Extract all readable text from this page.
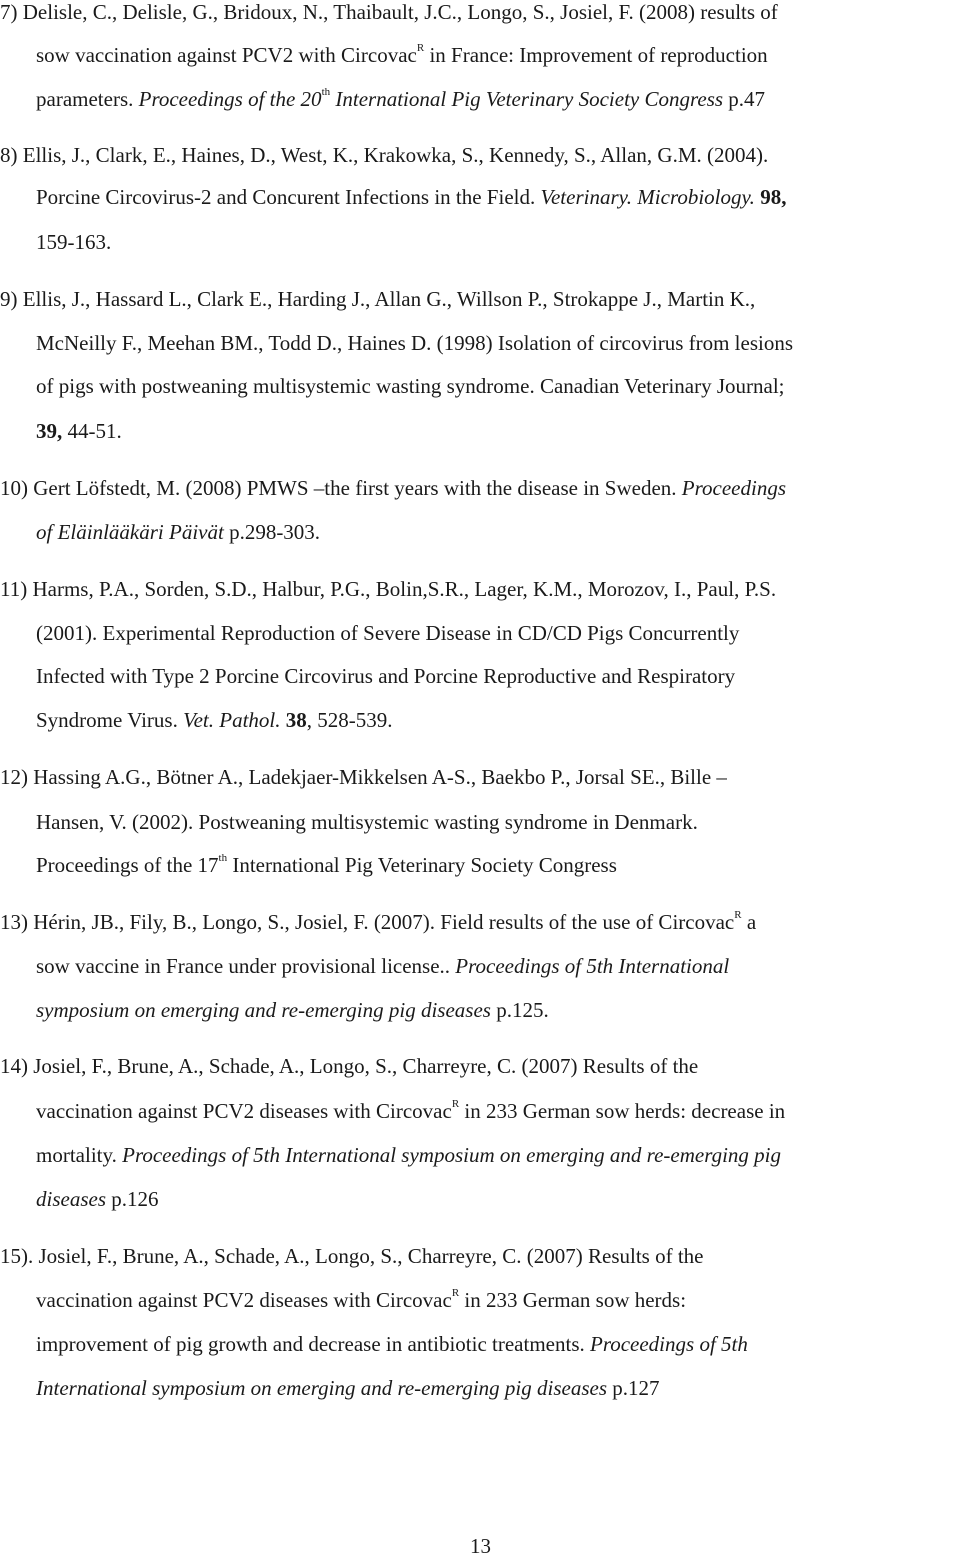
7) Delisle, C., Delisle, G., Bridoux, N., Thaibault, J.C., Longo, S., Josiel, F. (2008) results of
sow vaccination against PCV2 with Circovac$^R$ in France: Improvement of reproduction
parameters. Proceedings of the 20th International Pig Veterinary Society Congress p.47
8) Ellis, J., Clark, E., Haines, D., West, K., Krakowka, S., Kennedy, S., Allan, G.M. (2004).
Porcine Circovirus-2 and Concurent Infections in the Field. Veterinary. Microbiology. 98,
159-163.
9) Ellis, J., Hassard L., Clark E., Harding J., Allan G., Willson P., Strokappe J., Martin K.,
McNeilly F., Meehan BM., Todd D., Haines D. (1998) Isolation of circovirus from lesions
of pigs with postweaning multisystemic wasting syndrome. Canadian Veterinary Journal;
39, 44-51.
10) Gert Löfstedt, M. (2008) PMWS –the first years with the disease in Sweden. Proceedings
of Eläinlääkäri Päivät p.298-303.
11) Harms, P.A., Sorden, S.D., Halbur, P.G., Bolin,S.R., Lager, K.M., Morozov, I., Paul, P.S.
(2001). Experimental Reproduction of Severe Disease in CD/CD Pigs Concurrently
Infected with Type 2 Porcine Circovirus and Porcine Reproductive and Respiratory
Syndrome Virus. Vet. Pathol. 38, 528-539.
12) Hassing A.G., Bötner A., Ladekjaer-Mikkelsen A-S., Baekbo P., Jorsal SE., Bille –
Hansen, V. (2002). Postweaning multisystemic wasting syndrome in Denmark.
Proceedings of the 17th International Pig Veterinary Society Congress
13) Hérin, JB., Fily, B., Longo, S., Josiel, F. (2007). Field results of the use of Circovac$^R$ a
sow vaccine in France under provisional license.. Proceedings of 5th International
symposium on emerging and re-emerging pig diseases p.125.
14) Josiel, F., Brune, A., Schade, A., Longo, S., Charreyre, C. (2007) Results of the
vaccination against PCV2 diseases with Circovac$^R$ in 233 German sow herds: decrease in
mortality. Proceedings of 5th International symposium on emerging and re-emerging pig
diseases p.126
15). Josiel, F., Brune, A., Schade, A., Longo, S., Charreyre, C. (2007) Results of the
vaccination against PCV2 diseases with Circovac$^R$ in 233 German sow herds:
improvement of pig growth and decrease in antibiotic treatments. Proceedings of 5th
International symposium on emerging and re-emerging pig diseases p.127
13
